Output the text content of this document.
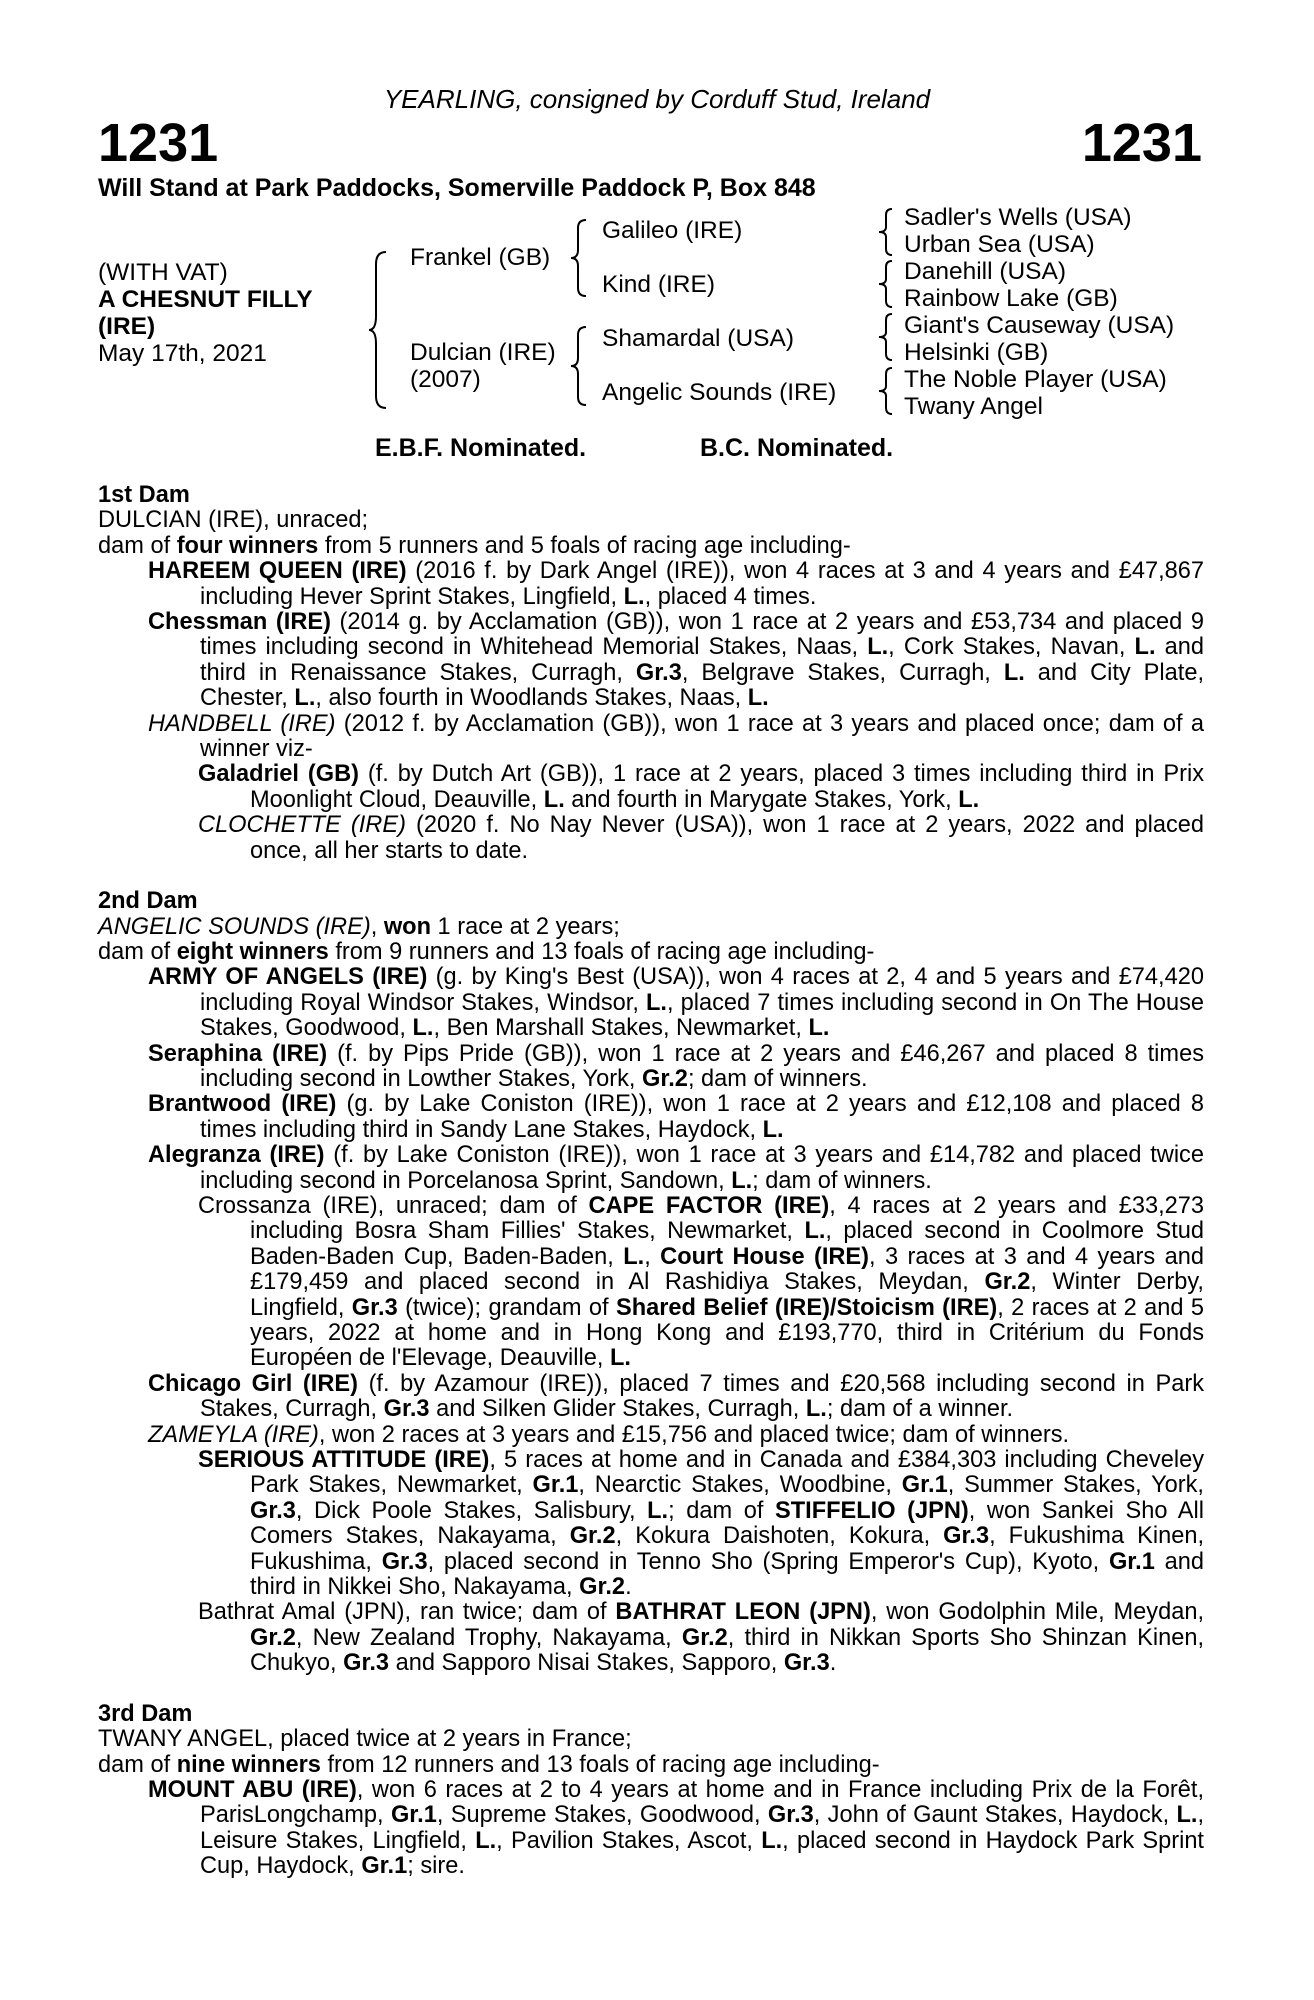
YEARLING, consigned by Corduff Stud, Ireland
1231	1231
Will Stand at Park Paddocks, Somerville Paddock P, Box 848
(WITH VAT)
A CHESNUT FILLY
(IRE)
May 17th, 2021
Frankel (GB)
Dulcian (IRE)
(2007)
Galileo (IRE)
Kind (IRE)
Shamardal (USA)
Angelic Sounds (IRE)
Sadler's Wells (USA)
Urban Sea (USA)
Danehill (USA)
Rainbow Lake (GB)
Giant's Causeway (USA)
Helsinki (GB)
The Noble Player (USA)
Twany Angel
E.B.F. Nominated.	B.C. Nominated.

1st Dam

DULCIAN (IRE), unraced;

dam of four winners from 5 runners and 5 foals of racing age including-

HAREEM QUEEN (IRE) (2016 f. by Dark Angel (IRE)), won 4 races at 3 and 4 years and £47,867 including Hever Sprint Stakes, Lingfield, L., placed 4 times.

Chessman (IRE) (2014 g. by Acclamation (GB)), won 1 race at 2 years and £53,734 and placed 9 times including second in Whitehead Memorial Stakes, Naas, L., Cork Stakes, Navan, L. and third in Renaissance Stakes, Curragh, Gr.3, Belgrave Stakes, Curragh, L. and City Plate, Chester, L., also fourth in Woodlands Stakes, Naas, L.

HANDBELL (IRE) (2012 f. by Acclamation (GB)), won 1 race at 3 years and placed once; dam of a winner viz-

Galadriel (GB) (f. by Dutch Art (GB)), 1 race at 2 years, placed 3 times including third in Prix Moonlight Cloud, Deauville, L. and fourth in Marygate Stakes, York, L.

CLOCHETTE (IRE) (2020 f. No Nay Never (USA)), won 1 race at 2 years, 2022 and placed once, all her starts to date.

2nd Dam

ANGELIC SOUNDS (IRE), won 1 race at 2 years;

dam of eight winners from 9 runners and 13 foals of racing age including-

ARMY OF ANGELS (IRE) (g. by King's Best (USA)), won 4 races at 2, 4 and 5 years and £74,420 including Royal Windsor Stakes, Windsor, L., placed 7 times including second in On The House Stakes, Goodwood, L., Ben Marshall Stakes, Newmarket, L.

Seraphina (IRE) (f. by Pips Pride (GB)), won 1 race at 2 years and £46,267 and placed 8 times including second in Lowther Stakes, York, Gr.2; dam of winners.

Brantwood (IRE) (g. by Lake Coniston (IRE)), won 1 race at 2 years and £12,108 and placed 8 times including third in Sandy Lane Stakes, Haydock, L.

Alegranza (IRE) (f. by Lake Coniston (IRE)), won 1 race at 3 years and £14,782 and placed twice including second in Porcelanosa Sprint, Sandown, L.; dam of winners.

Crossanza (IRE), unraced; dam of CAPE FACTOR (IRE), 4 races at 2 years and £33,273 including Bosra Sham Fillies' Stakes, Newmarket, L., placed second in Coolmore Stud Baden-Baden Cup, Baden-Baden, L., Court House (IRE), 3 races at 3 and 4 years and £179,459 and placed second in Al Rashidiya Stakes, Meydan, Gr.2, Winter Derby, Lingfield, Gr.3 (twice); grandam of Shared Belief (IRE)/Stoicism (IRE), 2 races at 2 and 5 years, 2022 at home and in Hong Kong and £193,770, third in Critérium du Fonds Européen de l'Elevage, Deauville, L.

Chicago Girl (IRE) (f. by Azamour (IRE)), placed 7 times and £20,568 including second in Park Stakes, Curragh, Gr.3 and Silken Glider Stakes, Curragh, L.; dam of a winner.

ZAMEYLA (IRE), won 2 races at 3 years and £15,756 and placed twice; dam of winners.

SERIOUS ATTITUDE (IRE), 5 races at home and in Canada and £384,303 including Cheveley Park Stakes, Newmarket, Gr.1, Nearctic Stakes, Woodbine, Gr.1, Summer Stakes, York, Gr.3, Dick Poole Stakes, Salisbury, L.; dam of STIFFELIO (JPN), won Sankei Sho All Comers Stakes, Nakayama, Gr.2, Kokura Daishoten, Kokura, Gr.3, Fukushima Kinen, Fukushima, Gr.3, placed second in Tenno Sho (Spring Emperor's Cup), Kyoto, Gr.1 and third in Nikkei Sho, Nakayama, Gr.2.

Bathrat Amal (JPN), ran twice; dam of BATHRAT LEON (JPN), won Godolphin Mile, Meydan, Gr.2, New Zealand Trophy, Nakayama, Gr.2, third in Nikkan Sports Sho Shinzan Kinen, Chukyo, Gr.3 and Sapporo Nisai Stakes, Sapporo, Gr.3.

3rd Dam

TWANY ANGEL, placed twice at 2 years in France;

dam of nine winners from 12 runners and 13 foals of racing age including-

MOUNT ABU (IRE), won 6 races at 2 to 4 years at home and in France including Prix de la Forêt, ParisLongchamp, Gr.1, Supreme Stakes, Goodwood, Gr.3, John of Gaunt Stakes, Haydock, L., Leisure Stakes, Lingfield, L., Pavilion Stakes, Ascot, L., placed second in Haydock Park Sprint Cup, Haydock, Gr.1; sire.
